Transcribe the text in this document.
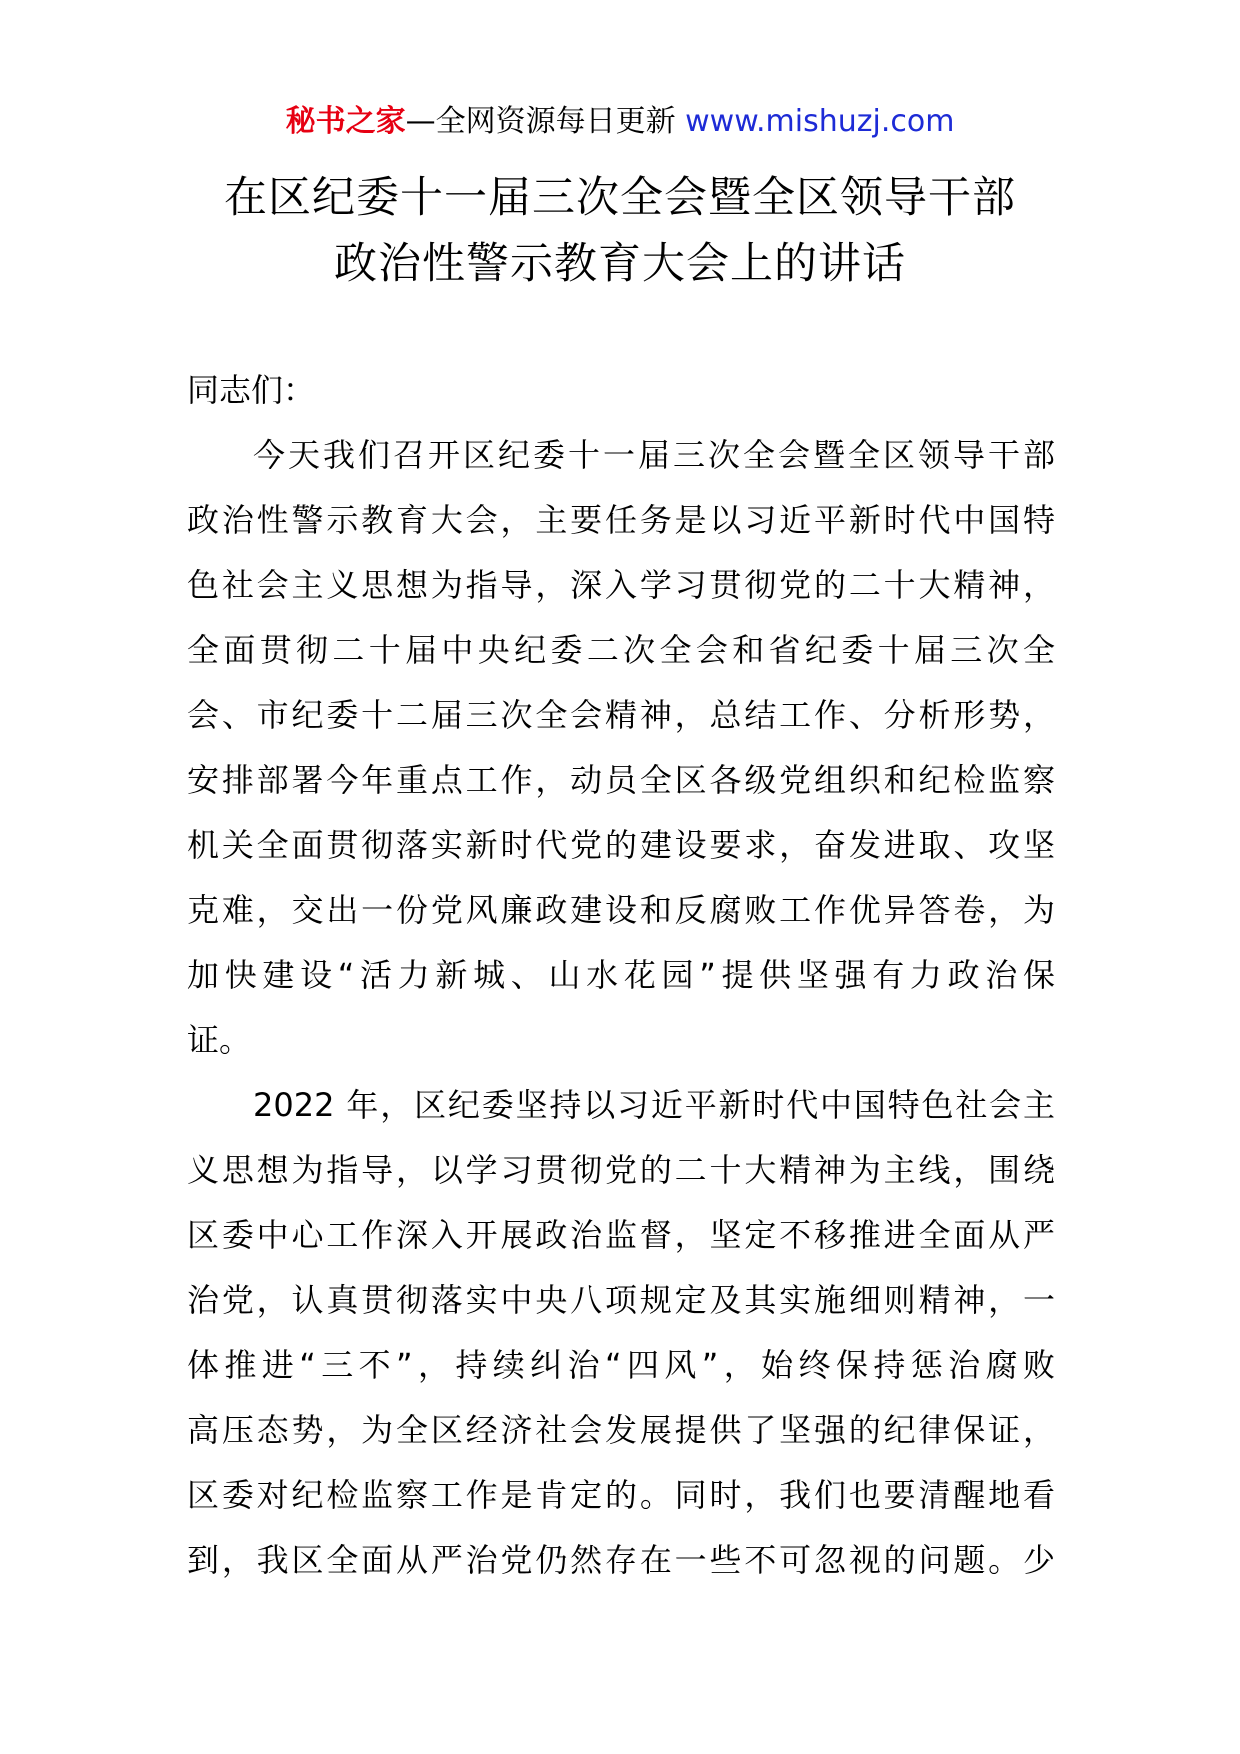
秘书之家—全网资源每日更新 www.mishuzj.com
在区纪委十一届三次全会暨全区领导干部
政治性警示教育大会上的讲话

同志们：

今天我们召开区纪委十一届三次全会暨全区领导干部
政治性警示教育大会，主要任务是以习近平新时代中国特
色社会主义思想为指导，深入学习贯彻党的二十大精神，
全面贯彻二十届中央纪委二次全会和省纪委十届三次全
会、市纪委十二届三次全会精神，总结工作、分析形势，
安排部署今年重点工作，动员全区各级党组织和纪检监察
机关全面贯彻落实新时代党的建设要求，奋发进取、攻坚
克难，交出一份党风廉政建设和反腐败工作优异答卷，为
加快建设“活力新城、山水花园”提供坚强有力政治保
证。
2022 年，区纪委坚持以习近平新时代中国特色社会主
义思想为指导，以学习贯彻党的二十大精神为主线，围绕
区委中心工作深入开展政治监督，坚定不移推进全面从严
治党，认真贯彻落实中央八项规定及其实施细则精神，一
体推进“三不”，持续纠治“四风”，始终保持惩治腐败
高压态势，为全区经济社会发展提供了坚强的纪律保证，
区委对纪检监察工作是肯定的。同时，我们也要清醒地看
到，我区全面从严治党仍然存在一些不可忽视的问题。少
